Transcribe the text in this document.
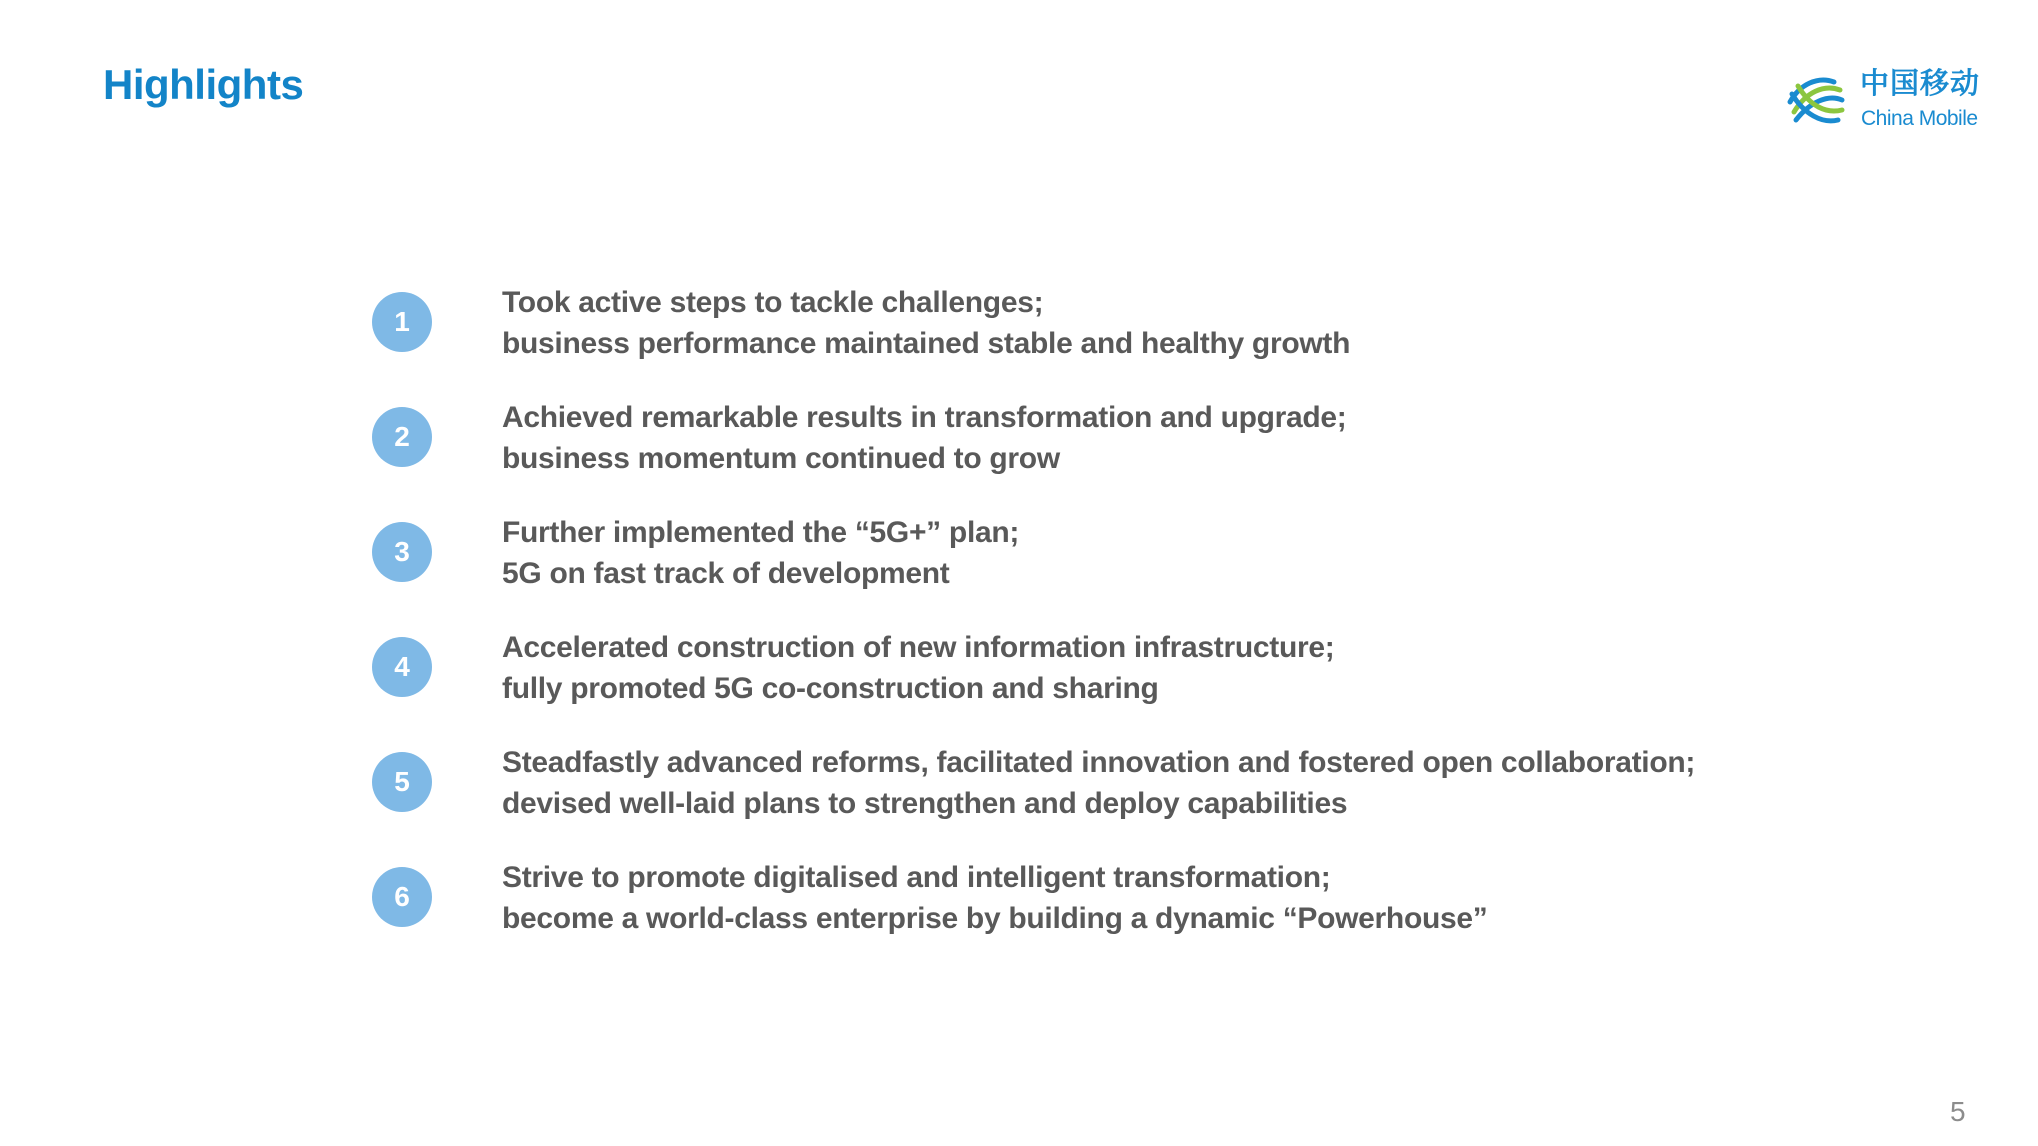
Highlights	中国移动
China Mobile
1
Took active steps to tackle challenges;
business performance maintained stable and healthy growth
2
Achieved remarkable results in transformation and upgrade;
business momentum continued to grow
3
Further implemented the “5G+” plan;
5G on fast track of development
4
Accelerated construction of new information infrastructure;
fully promoted 5G co-construction and sharing
5
Steadfastly advanced reforms, facilitated innovation and fostered open collaboration;
devised well-laid plans to strengthen and deploy capabilities
6
Strive to promote digitalised and intelligent transformation;
become a world-class enterprise by building a dynamic “Powerhouse”
5
